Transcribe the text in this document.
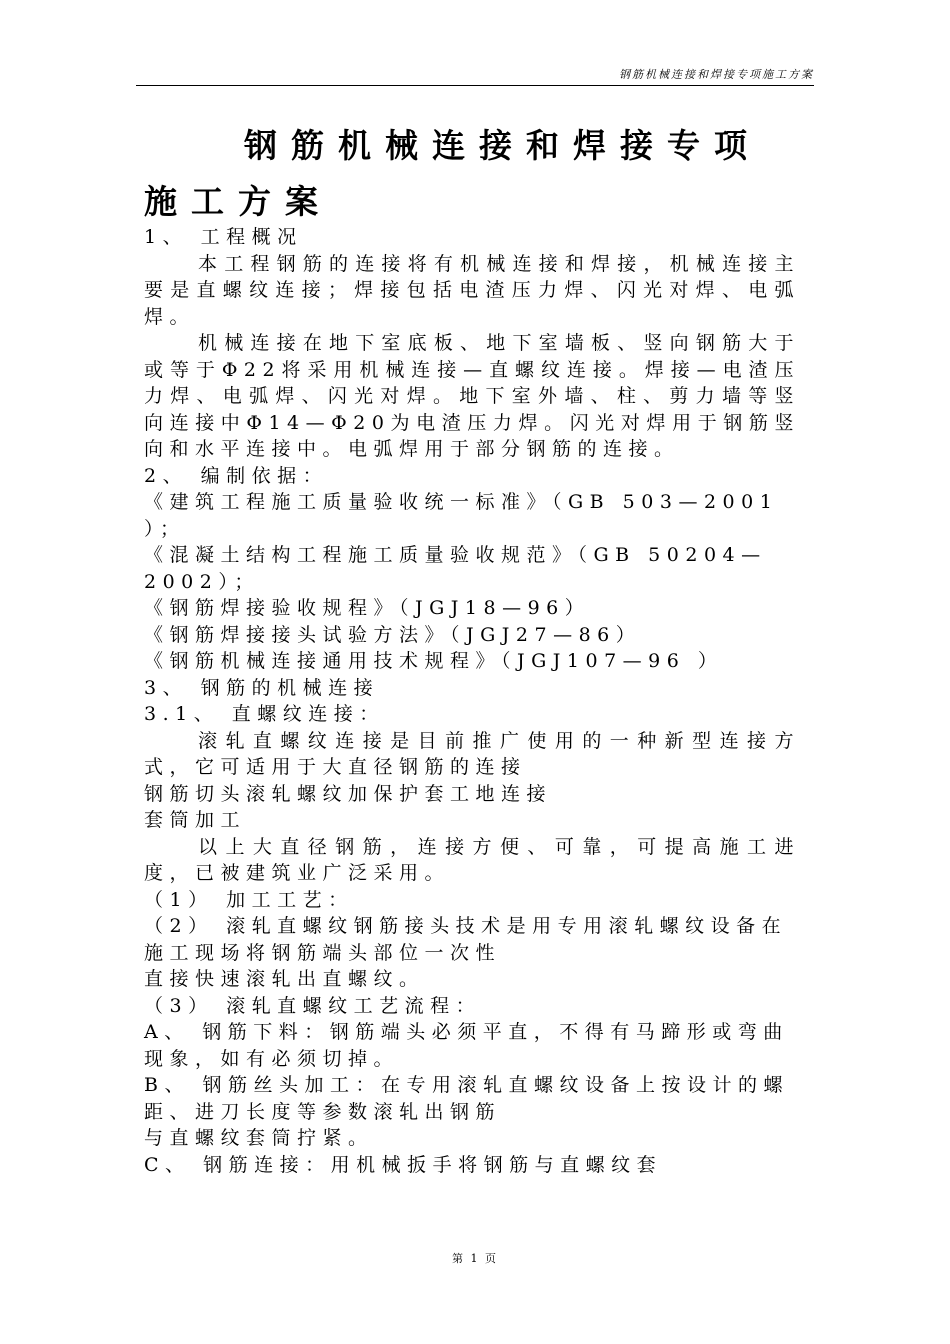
钢筋机械连接和焊接专项施工方案
钢筋机械连接和焊接专项
施工方案

1、 工程概况

本工程钢筋的连接将有机械连接和焊接，机械连接主要是直螺纹连接；焊接包括电渣压力焊、闪光对焊、电弧焊。

机械连接在地下室底板、地下室墙板、竖向钢筋大于或等于Φ22将采用机械连接—直螺纹连接。焊接—电渣压力焊、电弧焊、闪光对焊。地下室外墙、柱、剪力墙等竖向连接中Φ14—Φ20为电渣压力焊。闪光对焊用于钢筋竖向和水平连接中。电弧焊用于部分钢筋的连接。

2、 编制依据：

《建筑工程施工质量验收统一标准》（GB 503—2001 ）；

《混凝土结构工程施工质量验收规范》（GB 50204—2002）；

《钢筋焊接验收规程》（JGJ18—96）

《钢筋焊接接头试验方法》（JGJ27—86）

《钢筋机械连接通用技术规程》（JGJ107—96 ）

3、 钢筋的机械连接

3.1、 直螺纹连接：

滚轧直螺纹连接是目前推广使用的一种新型连接方式，它可适用于大直径钢筋的连接

钢筋切头滚轧螺纹加保护套工地连接

套筒加工

以上大直径钢筋，连接方便、可靠，可提高施工进度，已被建筑业广泛采用。

（1） 加工工艺：

（2） 滚轧直螺纹钢筋接头技术是用专用滚轧螺纹设备在施工现场将钢筋端头部位一次性

直接快速滚轧出直螺纹。

（3） 滚轧直螺纹工艺流程：

A、 钢筋下料：钢筋端头必须平直，不得有马蹄形或弯曲现象，如有必须切掉。

B、 钢筋丝头加工：在专用滚轧直螺纹设备上按设计的螺距、进刀长度等参数滚轧出钢筋

与直螺纹套筒拧紧。

C、 钢筋连接：用机械扳手将钢筋与直螺纹套

第 1 页
